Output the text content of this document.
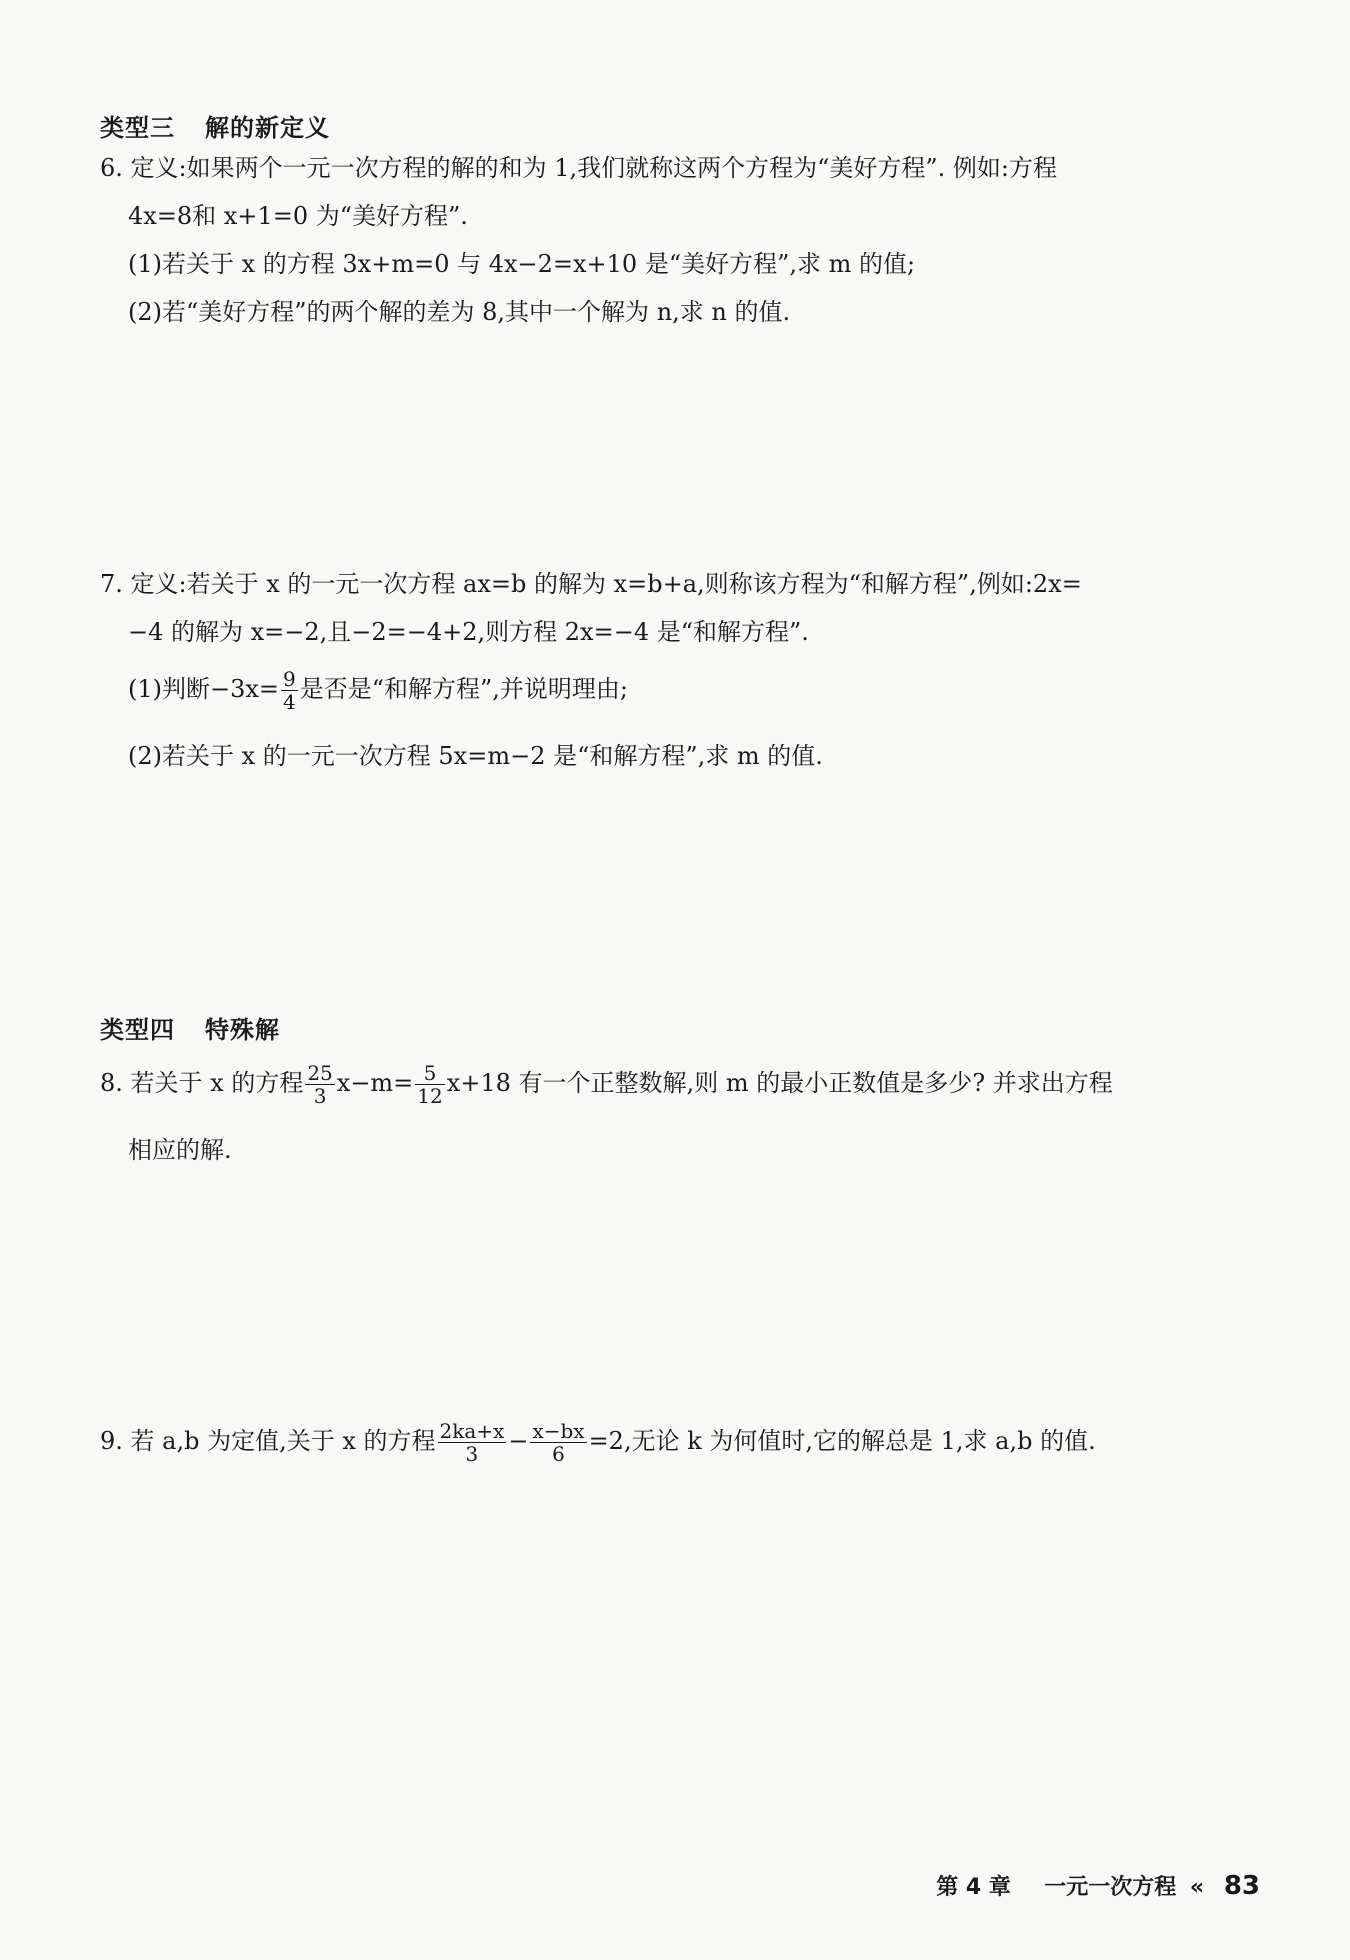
类型三 解的新定义
6. 定义:如果两个一元一次方程的解的和为 1,我们就称这两个方程为“美好方程”. 例如:方程
4x=8和 x+1=0 为“美好方程”.
(1)若关于 x 的方程 3x+m=0 与 4x−2=x+10 是“美好方程”,求 m 的值;
(2)若“美好方程”的两个解的差为 8,其中一个解为 n,求 n 的值.
7. 定义:若关于 x 的一元一次方程 ax=b 的解为 x=b+a,则称该方程为“和解方程”,例如:2x=
−4 的解为 x=−2,且−2=−4+2,则方程 2x=−4 是“和解方程”.
(1)判断$-3x= \frac{9}{4}$ 是否是“和解方程”,并说明理由;
(2)若关于 x 的一元一次方程 5x=m−2 是“和解方程”,求 m 的值.
类型四 特殊解
8. 若关于 x 的方程 $\frac{25}{3} x-m= \frac{5}{12} x+18$ 有一个正整数解,则 m 的最小正数值是多少? 并求出方程
相应的解.
9. 若 a,b 为定值,关于 x 的方程 $\frac{2ka+x}{3} - \frac{x-bx}{6} =2$,无论 k 为何值时,它的解总是 1,求 a,b 的值.
第 4 章 一元一次方程 « 83
